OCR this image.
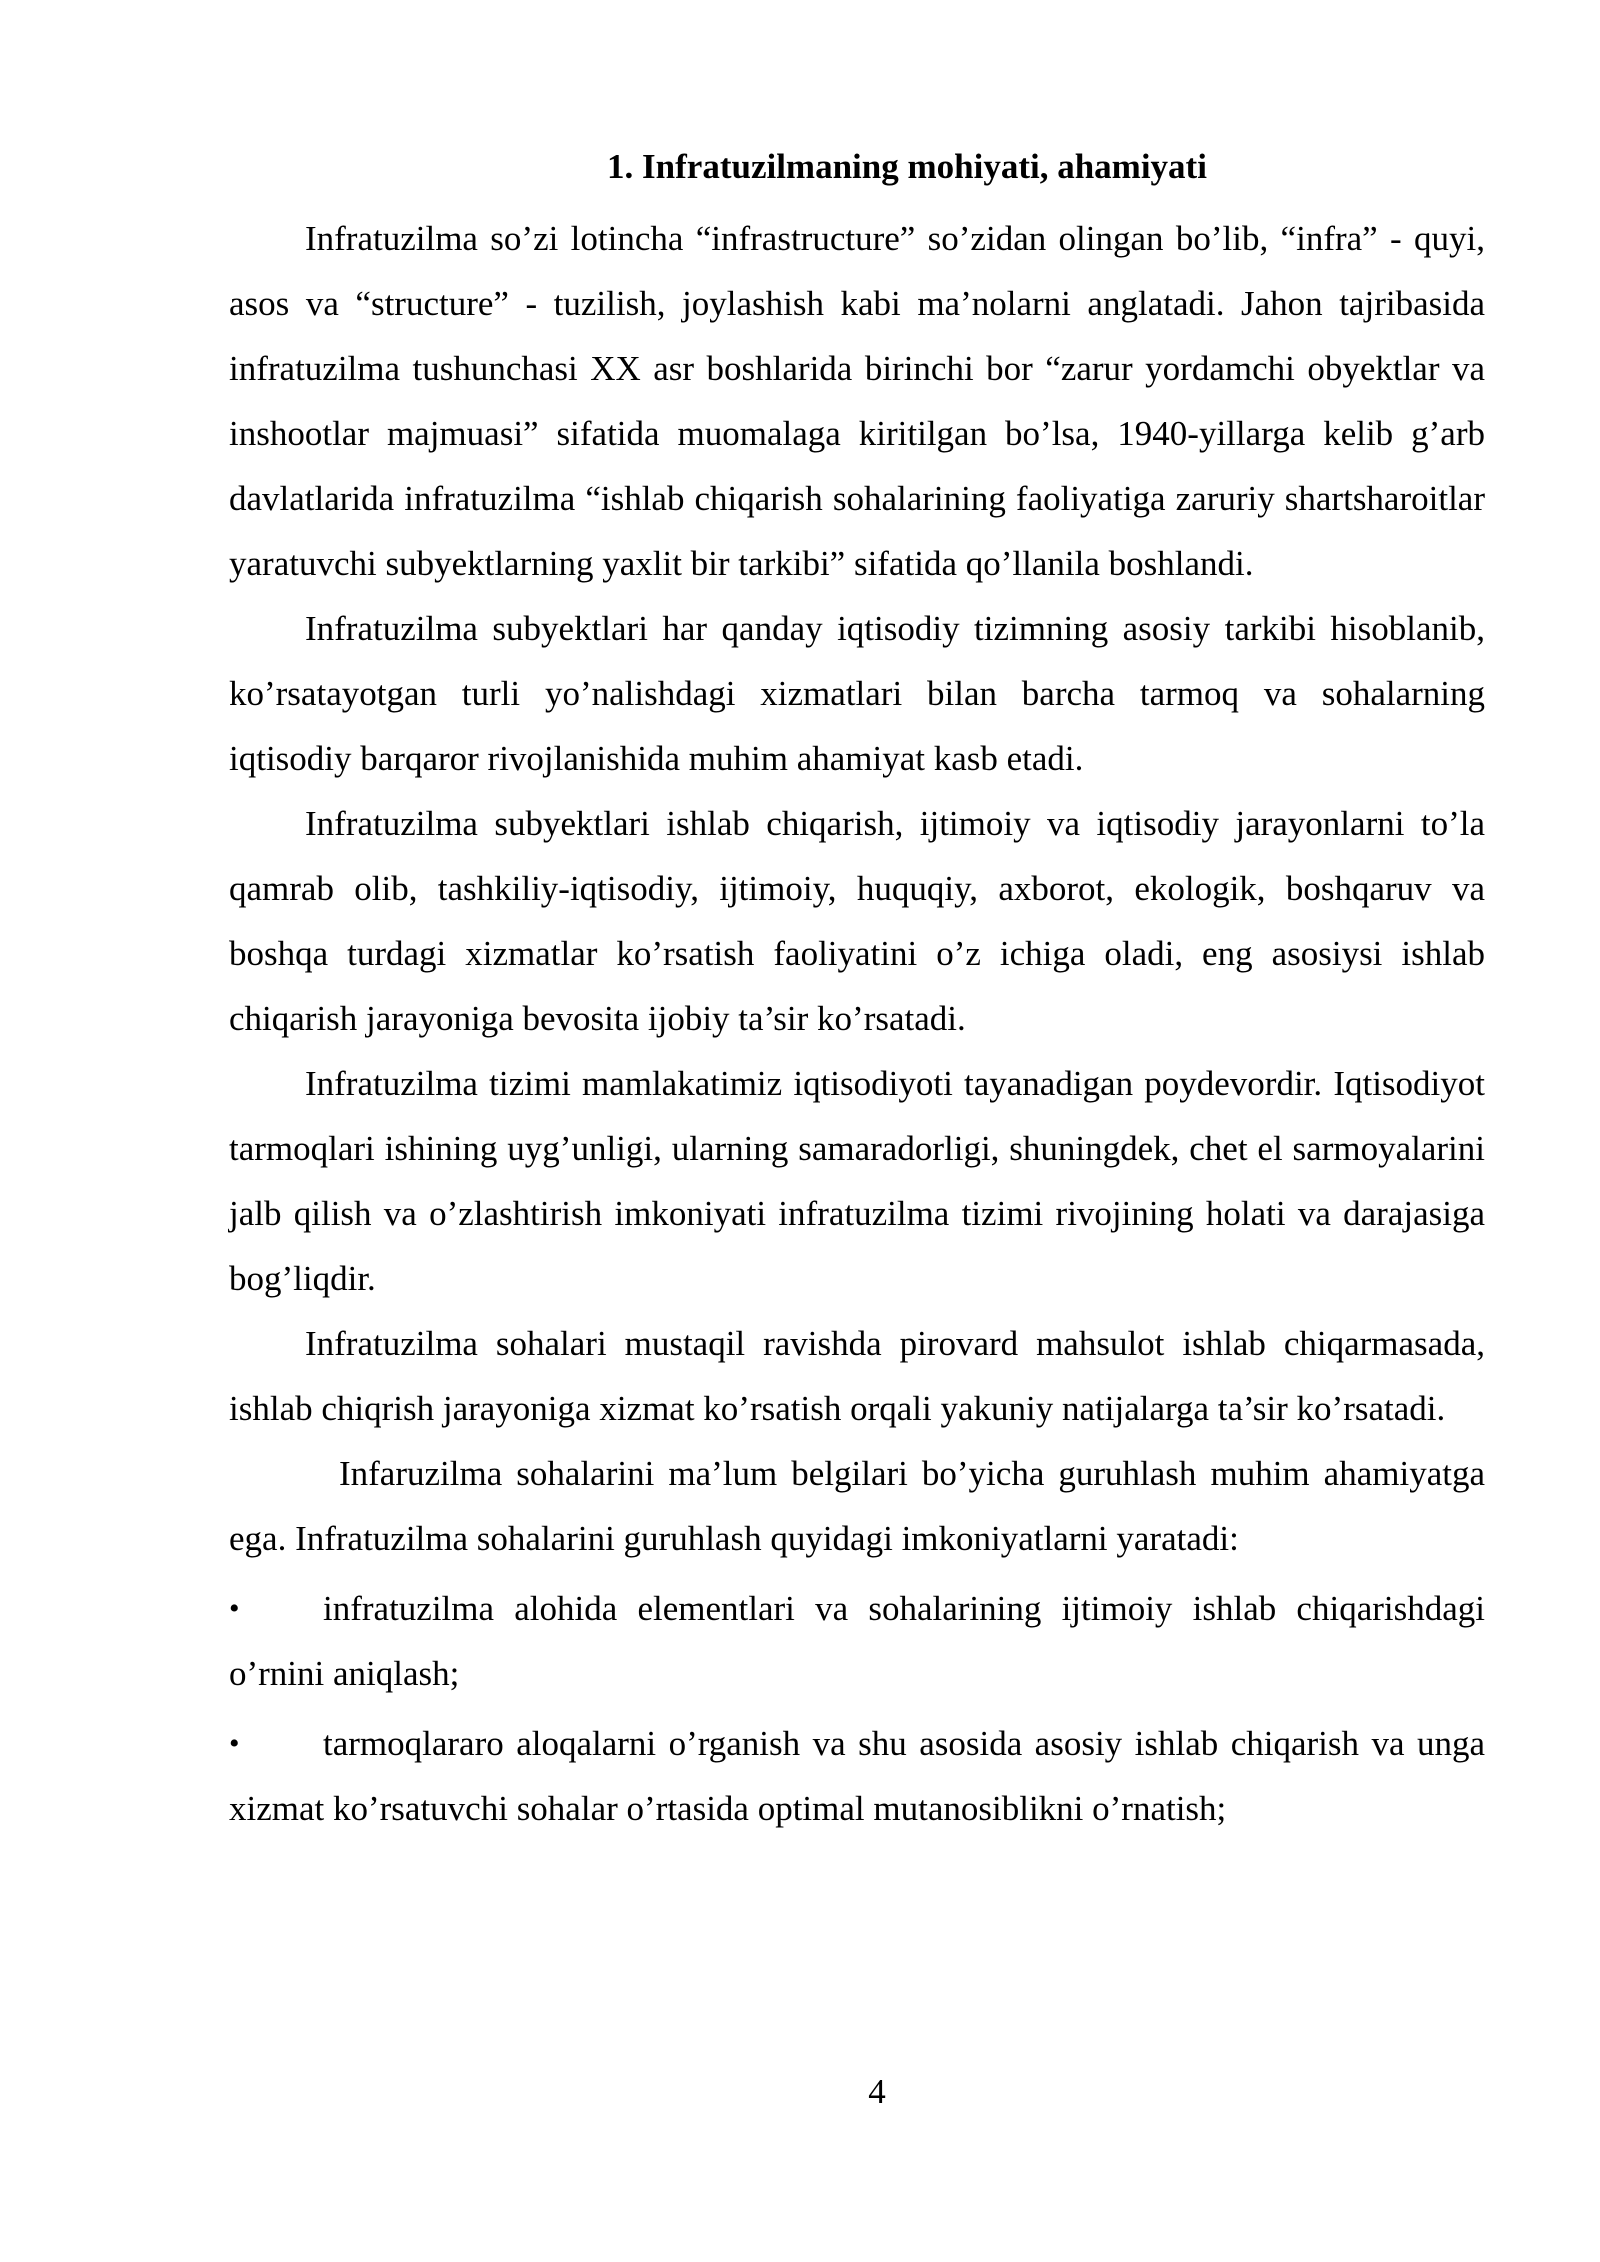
1. Infratuzilmaning mohiyati, ahamiyati

Infratuzilma so’zi lotincha “infrastructure” so’zidan olingan bo’lib, “infra” - quyi, asos va “structure” - tuzilish, joylashish kabi ma’nolarni anglatadi. Jahon tajribasida infratuzilma tushunchasi XX asr boshlarida birinchi bor “zarur yordamchi obyektlar va inshootlar majmuasi” sifatida muomalaga kiritilgan bo’lsa, 1940-yillarga kelib g’arb davlatlarida infratuzilma “ishlab chiqarish sohalarining faoliyatiga zaruriy shartsharoitlar yaratuvchi subyektlarning yaxlit bir tarkibi” sifatida qo’llanila boshlandi.

Infratuzilma subyektlari har qanday iqtisodiy tizimning asosiy tarkibi hisoblanib, ko’rsatayotgan turli yo’nalishdagi xizmatlari bilan barcha tarmoq va sohalarning iqtisodiy barqaror rivojlanishida muhim ahamiyat kasb etadi.

Infratuzilma subyektlari ishlab chiqarish, ijtimoiy va iqtisodiy jarayonlarni to’la qamrab olib, tashkiliy-iqtisodiy, ijtimoiy, huquqiy, axborot, ekologik, boshqaruv va boshqa turdagi xizmatlar ko’rsatish faoliyatini o’z ichiga oladi, eng asosiysi ishlab chiqarish jarayoniga bevosita ijobiy ta’sir ko’rsatadi.

Infratuzilma tizimi mamlakatimiz iqtisodiyoti tayanadigan poydevordir. Iqtisodiyot tarmoqlari ishining uyg’unligi, ularning samaradorligi, shuningdek, chet el sarmoyalarini jalb qilish va o’zlashtirish imkoniyati infratuzilma tizimi rivojining holati va darajasiga bog’liqdir.

Infratuzilma sohalari mustaqil ravishda pirovard mahsulot ishlab chiqarmasada, ishlab chiqrish jarayoniga xizmat ko’rsatish orqali yakuniy natijalarga ta’sir ko’rsatadi.

Infaruzilma sohalarini ma’lum belgilari bo’yicha guruhlash muhim ahamiyatga ega. Infratuzilma sohalarini guruhlash quyidagi imkoniyatlarni yaratadi:

• infratuzilma alohida elementlari va sohalarining ijtimoiy ishlab chiqarishdagi o’rnini aniqlash;
• tarmoqlararo aloqalarni o’rganish va shu asosida asosiy ishlab chiqarish va unga xizmat ko’rsatuvchi sohalar o’rtasida optimal mutanosiblikni o’rnatish;
4
